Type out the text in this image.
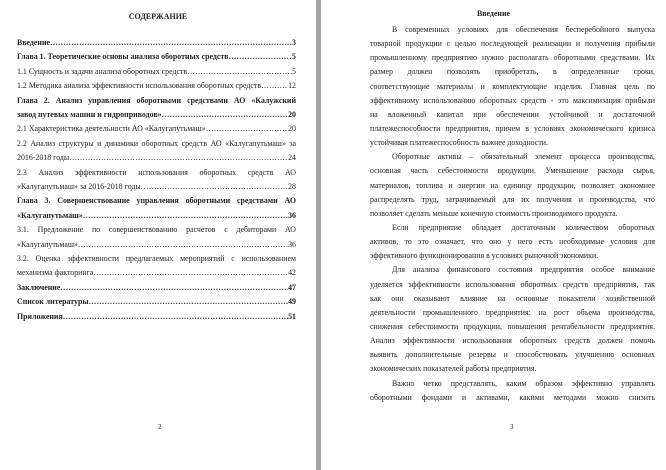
СОДЕРЖАНИЕ
Введение …………………………………………………………………………………………………………………	3
Глава 1. Теоретические основы анализа оборотных средств …………………………………………………………………………………………………………………	5
1.1 Сущность и задачи анализа оборотных средств …………………………………………………………………………………………………………………	5
1.2 Методика анализа эффективности использования оборотных средств …………………………………………………………………………………………………………………	12
Глава 2. Анализ управления оборотными средствами АО «Калужский
завод путевых машин и гидроприводов» …………………………………………………………………………………………………………………	20
2.1 Характеристика деятельности АО «Калугапутьмаш» …………………………………………………………………………………………………………………	20
2.2 Анализ структуры и динамики оборотных средств АО «Калугапутьмаш» за
2016-2018 годы …………………………………………………………………………………………………………………	24
2.3 Анализ эффективности использования оборотных средств АО
«Калугапутьмаш» за 2016-2018 годы …………………………………………………………………………………………………………………	28
Глава 3. Совершенствование управления оборотными средствами АО
«Калугапутьмаш» …………………………………………………………………………………………………………………	36
3.1. Предложение по совершенствованию расчетов с дебиторами АО
«Калугапутьмаш» …………………………………………………………………………………………………………………	36
3.2. Оценка эффективности предлагаемых мероприятий с использованием
механизма факторинга …………………………………………………………………………………………………………………	42
Заключение …………………………………………………………………………………………………………………	47
Список литературы …………………………………………………………………………………………………………………	49
Приложения …………………………………………………………………………………………………………………	51
2
Введение
В современных условиях для обеспечения бесперебойного выпуска
товарной продукции с целью последующей реализации и получения прибыли
промышленному предприятию нужно располагать оборотными средствами. Их
размер должен позволять приобретать, в определенные сроки,
соответствующие материалы и комплектующие изделия. Главная цель по
эффективному использованию оборотных средств - это максимизация прибыли
на вложенный капитал при обеспечении устойчивой и достаточной
платежеспособности предприятия, причем в условиях экономического кризиса
устойчивая платежеспособность важнее доходности.
Оборотные активы – обязательный элемент процесса производства,
основная часть себестоимости продукции. Уменьшение расхода сырья,
материалов, топлива и энергии на единицу продукции, позволяет экономнее
распределять труд, затрачиваемый для их получения и производства, что
позволяет сделать меньше конечную стоимость производимого продукта.
Если предприятие обладает достаточным количеством оборотных
активов, то это означает, что оно у него есть необходимые условия для
эффективного функционирования в условиях рыночной экономики.
Для анализа финансового состояния предприятия особое внимание
уделяется эффективности использования оборотных средств предприятия, так
как они оказывают влияние на основные показатели хозяйственной
деятельности промышленного предприятия: на рост объема производства,
снижения себестоимости продукции, повышения рентабельности предприятия.
Анализ эффективности использования оборотных средств должен помочь
выявить дополнительные резервы и способствовать улучшению основных
экономических показателей работы предприятия.
Важно четко представлять, каким образом эффективно управлять
оборотными фондами и активами, какими методами можно снизить
3
